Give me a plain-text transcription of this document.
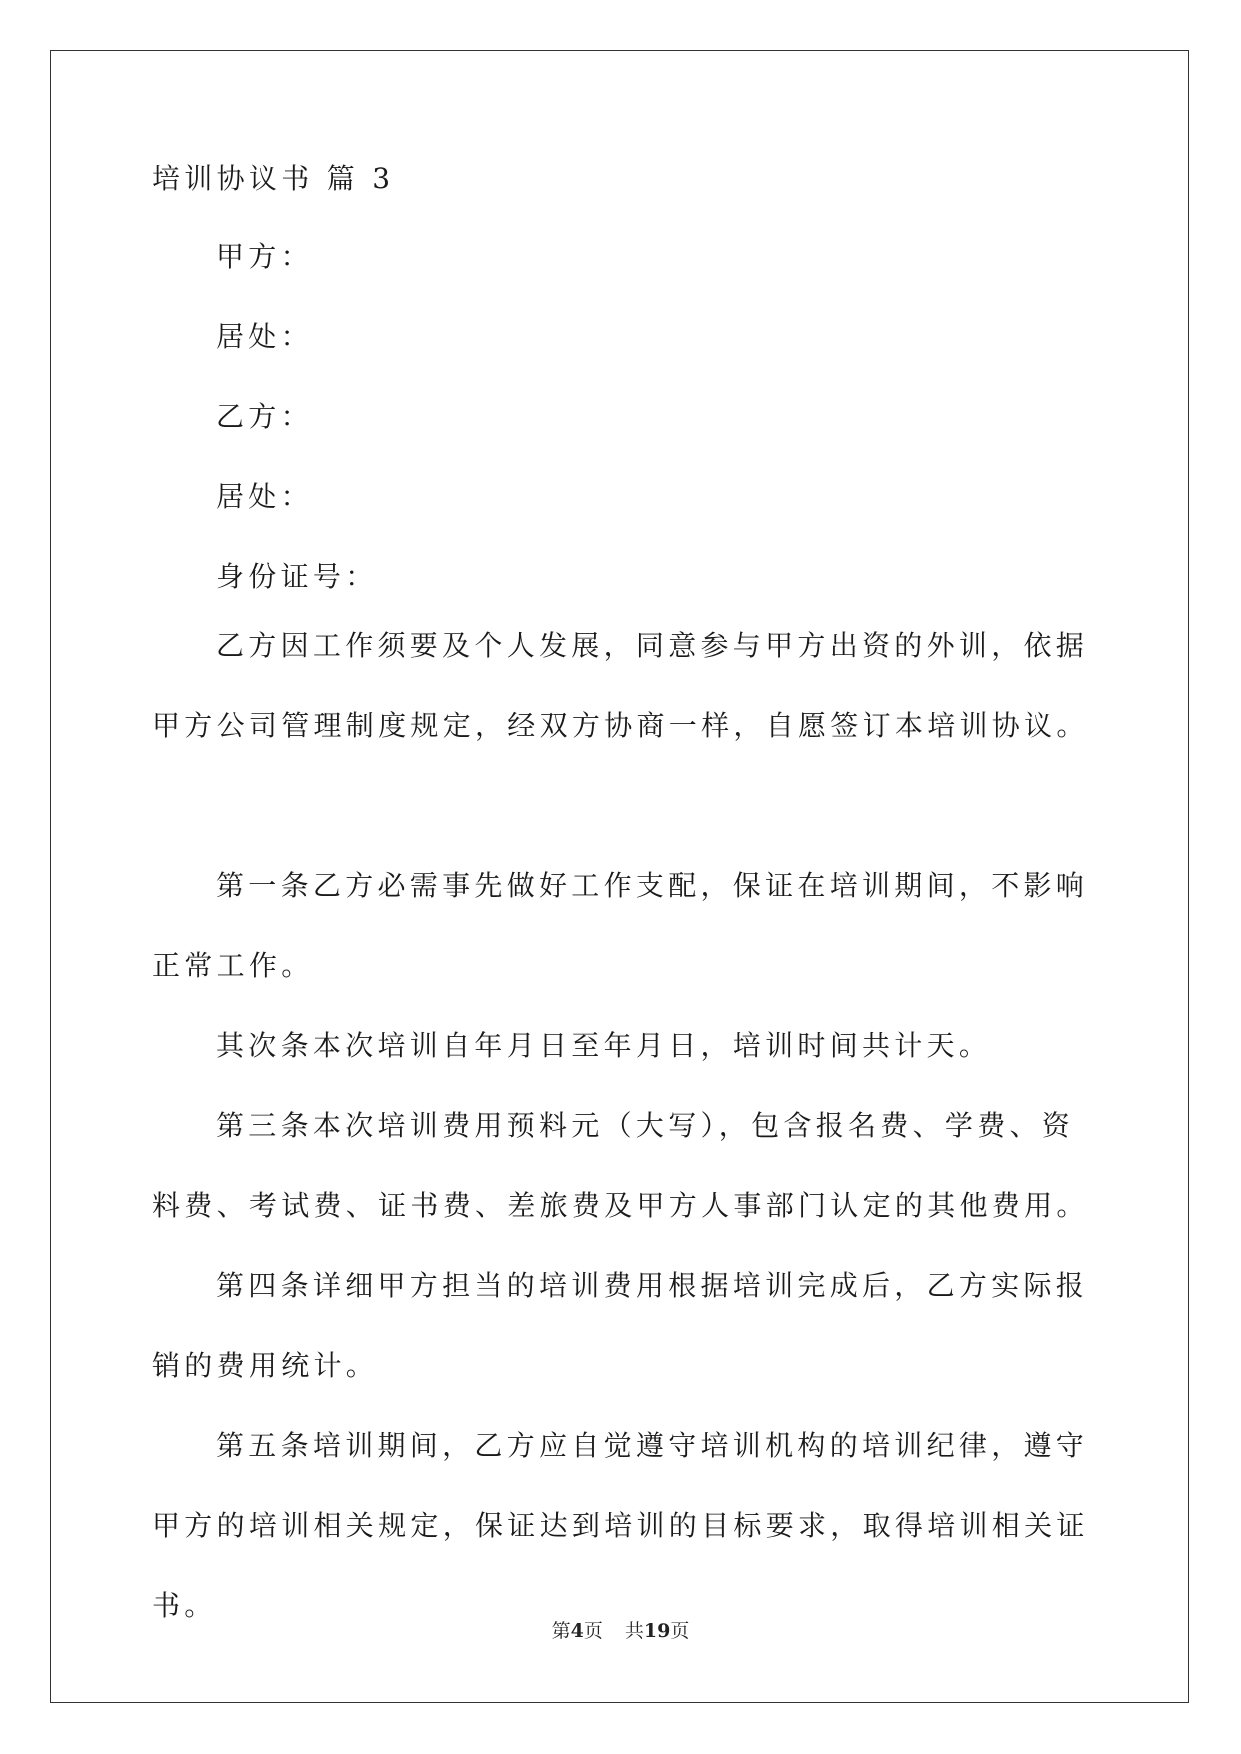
培训协议书 篇 3
甲方：
居处：
乙方：
居处：
身份证号：

乙方因工作须要及个人发展，同意参与甲方出资的外训，依据甲方公司管理制度规定，经双方协商一样，自愿签订本培训协议。

第一条乙方必需事先做好工作支配，保证在培训期间，不影响正常工作。

其次条本次培训自年月日至年月日，培训时间共计天。

第三条本次培训费用预料元（大写），包含报名费、学费、资料费、考试费、证书费、差旅费及甲方人事部门认定的其他费用。

第四条详细甲方担当的培训费用根据培训完成后，乙方实际报销的费用统计。

第五条培训期间，乙方应自觉遵守培训机构的培训纪律，遵守甲方的培训相关规定，保证达到培训的目标要求，取得培训相关证书。

第4页 共19页
